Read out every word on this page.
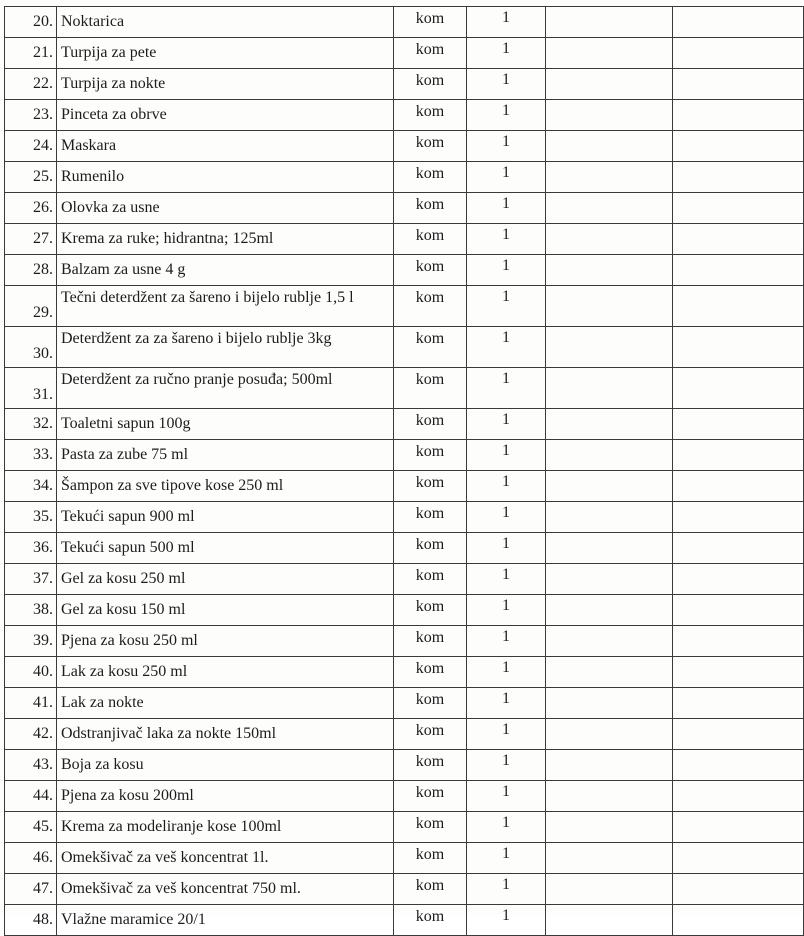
20.	Noktarica	kom	1		
21.	Turpija za pete	kom	1		
22.	Turpija za nokte	kom	1		
23.	Pinceta za obrve	kom	1		
24.	Maskara	kom	1		
25.	Rumenilo	kom	1		
26.	Olovka za usne	kom	1		
27.	Krema za ruke; hidrantna; 125ml	kom	1		
28.	Balzam za usne 4 g	kom	1		
29.	Tečni deterdžent za šareno i bijelo rublje 1,5 l	kom	1		
30.	Deterdžent za za šareno i bijelo rublje 3kg	kom	1		
31.	Deterdžent za ručno pranje posuđa; 500ml	kom	1		
32.	Toaletni sapun 100g	kom	1		
33.	Pasta za zube 75 ml	kom	1		
34.	Šampon za sve tipove kose 250 ml	kom	1		
35.	Tekući sapun 900 ml	kom	1		
36.	Tekući sapun 500 ml	kom	1		
37.	Gel za kosu 250 ml	kom	1		
38.	Gel za kosu 150 ml	kom	1		
39.	Pjena za kosu 250 ml	kom	1		
40.	Lak za kosu 250 ml	kom	1		
41.	Lak za nokte	kom	1		
42.	Odstranjivač laka za nokte 150ml	kom	1		
43.	Boja za kosu	kom	1		
44.	Pjena za kosu 200ml	kom	1		
45.	Krema za modeliranje kose 100ml	kom	1		
46.	Omekšivač za veš koncentrat 1l.	kom	1		
47.	Omekšivač za veš koncentrat 750 ml.	kom	1		
48.	Vlažne maramice 20/1	kom	1		
